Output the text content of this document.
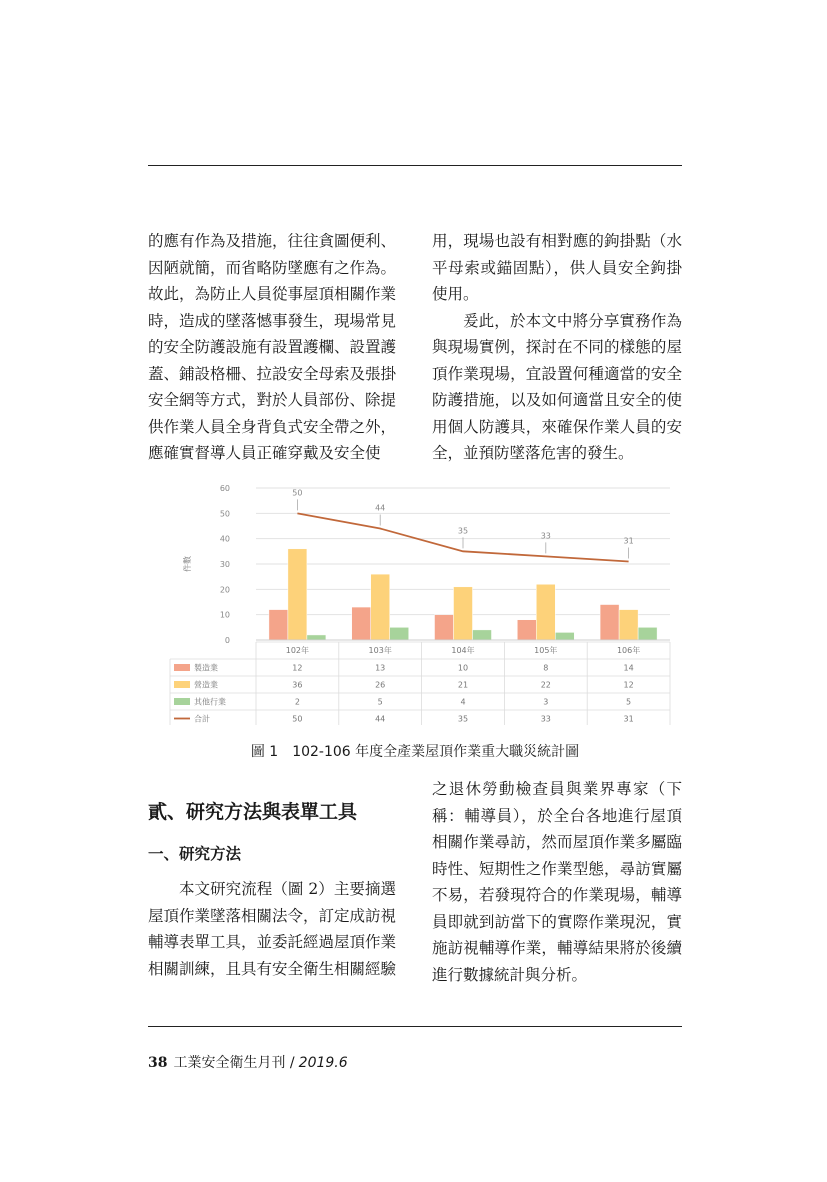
的應有作為及措施，往往貪圖便利、因陋就簡，而省略防墜應有之作為。故此，為防止人員從事屋頂相關作業時，造成的墜落憾事發生，現場常見的安全防護設施有設置護欄、設置護蓋、鋪設格柵、拉設安全母索及張掛安全網等方式，對於人員部份、除提供作業人員全身背負式安全帶之外，應確實督導人員正確穿戴及安全使

用，現場也設有相對應的鉤掛點（水平母索或錨固點），供人員安全鉤掛使用。

爰此，於本文中將分享實務作為與現場實例，探討在不同的樣態的屋頂作業現場，宜設置何種適當的安全防護措施，以及如何適當且安全的使用個人防護具，來確保作業人員的安全，並預防墜落危害的發生。

0
10
20
30
40
50
60
件數
50
44
35
33
31
102年	103年	104年	105年	106年
製造業	12	13	10	8	14
營造業	36	26	21	22	12
其他行業	2	5	4	3	5
合計	50	44	35	33	31
圖 1　102-106 年度全產業屋頂作業重大職災統計圖
貳、研究方法與表單工具
一、研究方法

本文研究流程（圖 2）主要摘選屋頂作業墜落相關法令，訂定成訪視輔導表單工具，並委託經過屋頂作業相關訓練，且具有安全衛生相關經驗

之退休勞動檢查員與業界專家（下稱：輔導員），於全台各地進行屋頂相關作業尋訪，然而屋頂作業多屬臨時性、短期性之作業型態，尋訪實屬不易，若發現符合的作業現場，輔導員即就到訪當下的實際作業現況，實施訪視輔導作業，輔導結果將於後續進行數據統計與分析。

38 工業安全衛生月刊 / 2019.6
